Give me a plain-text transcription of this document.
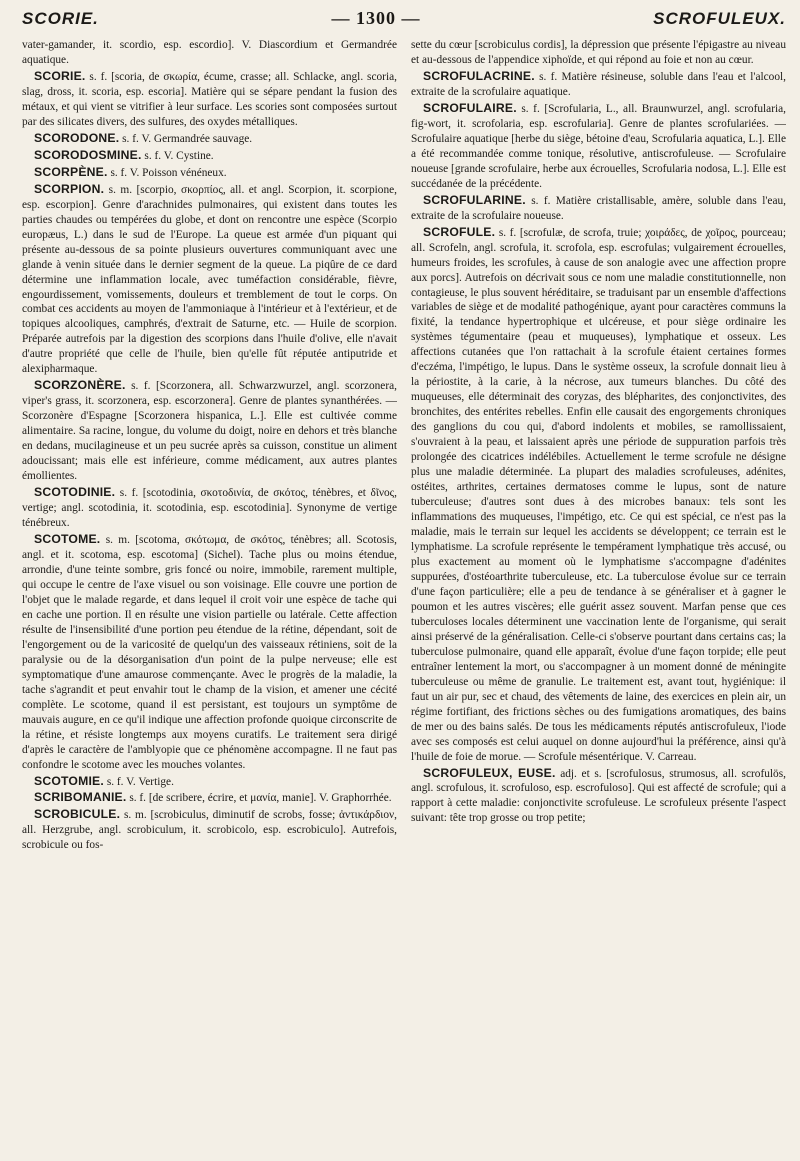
SCORIE.	— 1300 —	SCROFULEUX.

vater-gamander, it. scordio, esp. escordio]. V. Diascordium et Germandrée aquatique.

SCORIE. s. f. [scoria, de σκωρία, écume, crasse; all. Schlacke, angl. scoria, slag, dross, it. scoria, esp. escoria]. Matière qui se sépare pendant la fusion des métaux, et qui vient se vitrifier à leur surface. Les scories sont composées surtout par des silicates divers, des sulfures, des oxydes métalliques.

SCORODONE. s. f. V. Germandrée sauvage.

SCORODOSMINE. s. f. V. Cystine.

SCORPÈNE. s. f. V. Poisson vénéneux.

SCORPION. s. m. [scorpio, σκορπίος, all. et angl. Scorpion, it. scorpione, esp. escorpion]. Genre d'arachnides pulmonaires, qui existent dans toutes les parties chaudes ou tempérées du globe, et dont on rencontre une espèce (Scorpio europæus, L.) dans le sud de l'Europe. La queue est armée d'un piquant qui présente au-dessous de sa pointe plusieurs ouvertures communiquant avec une glande à venin située dans le dernier segment de la queue. La piqûre de ce dard détermine une inflammation locale, avec tuméfaction considérable, fièvre, engourdissement, vomissements, douleurs et tremblement de tout le corps. On combat ces accidents au moyen de l'ammoniaque à l'intérieur et à l'extérieur, et de topiques alcooliques, camphrés, d'extrait de Saturne, etc. — Huile de scorpion. Préparée autrefois par la digestion des scorpions dans l'huile d'olive, elle n'avait d'autre propriété que celle de l'huile, bien qu'elle fût réputée antiputride et alexipharmaque.

SCORZONÈRE. s. f. [Scorzonera, all. Schwarzwurzel, angl. scorzonera, viper's grass, it. scorzonera, esp. escorzonera]. Genre de plantes synanthérées. — Scorzonère d'Espagne [Scorzonera hispanica, L.]. Elle est cultivée comme alimentaire. Sa racine, longue, du volume du doigt, noire en dehors et très blanche en dedans, mucilagineuse et un peu sucrée après sa cuisson, constitue un aliment adoucissant; mais elle est inférieure, comme médicament, aux autres plantes émollientes.

SCOTODINIE. s. f. [scotodinia, σκοτοδινία, de σκότος, ténèbres, et δῖνος, vertige; angl. scotodinia, it. scotodinia, esp. escotodinia]. Synonyme de vertige ténébreux.

SCOTOME. s. m. [scotoma, σκότωμα, de σκότος, ténèbres; all. Scotosis, angl. et it. scotoma, esp. escotoma] (Sichel). Tache plus ou moins étendue, arrondie, d'une teinte sombre, gris foncé ou noire, immobile, rarement multiple, qui occupe le centre de l'axe visuel ou son voisinage. Elle couvre une portion de l'objet que le malade regarde, et dans lequel il croit voir une espèce de tache qui en cache une portion. Il en résulte une vision partielle ou latérale. Cette affection résulte de l'insensibilité d'une portion peu étendue de la rétine, dépendant, soit de l'engorgement ou de la varicosité de quelqu'un des vaisseaux rétiniens, soit de la paralysie ou de la désorganisation d'un point de la pulpe nerveuse; elle est symptomatique d'une amaurose commençante. Avec le progrès de la maladie, la tache s'agrandit et peut envahir tout le champ de la vision, et amener une cécité complète. Le scotome, quand il est persistant, est toujours un symptôme de mauvais augure, en ce qu'il indique une affection profonde quoique circonscrite de la rétine, et résiste longtemps aux moyens curatifs. Le traitement sera dirigé d'après le caractère de l'amblyopie que ce phénomène accompagne. Il ne faut pas confondre le scotome avec les mouches volantes.

SCOTOMIE. s. f. V. Vertige.

SCRIBOMANIE. s. f. [de scribere, écrire, et μανία, manie]. V. Graphorrhée.

SCROBICULE. s. m. [scrobiculus, diminutif de scrobs, fosse; ἀντικάρδιον, all. Herzgrube, angl. scrobiculum, it. scrobicolo, esp. escrobiculo]. Autrefois, scrobicule ou fos-

sette du cœur [scrobiculus cordis], la dépression que présente l'épigastre au niveau et au-dessous de l'appendice xiphoïde, et qui répond au foie et non au cœur.

SCROFULACRINE. s. f. Matière résineuse, soluble dans l'eau et l'alcool, extraite de la scrofulaire aquatique.

SCROFULAIRE. s. f. [Scrofularia, L., all. Braunwurzel, angl. scrofularia, fig-wort, it. scrofolaria, esp. escrofularia]. Genre de plantes scrofulariées. — Scrofulaire aquatique [herbe du siège, bétoine d'eau, Scrofularia aquatica, L.]. Elle a été recommandée comme tonique, résolutive, antiscrofuleuse. — Scrofulaire noueuse [grande scrofulaire, herbe aux écrouelles, Scrofularia nodosa, L.]. Elle est succédanée de la précédente.

SCROFULARINE. s. f. Matière cristallisable, amère, soluble dans l'eau, extraite de la scrofulaire noueuse.

SCROFULE. s. f. [scrofulæ, de scrofa, truie; χοιράδες, de χοῖρος, pourceau; all. Scrofeln, angl. scrofula, it. scrofola, esp. escrofulas; vulgairement écrouelles, humeurs froides, les scrofules, à cause de son analogie avec une affection propre aux porcs]. Autrefois on décrivait sous ce nom une maladie constitutionnelle, non contagieuse, le plus souvent héréditaire, se traduisant par un ensemble d'affections variables de siège et de modalité pathogénique, ayant pour caractères communs la fixité, la tendance hypertrophique et ulcéreuse, et pour siège ordinaire les systèmes tégumentaire (peau et muqueuses), lymphatique et osseux. Les affections cutanées que l'on rattachait à la scrofule étaient certaines formes d'eczéma, l'impétigo, le lupus. Dans le système osseux, la scrofule donnait lieu à la périostite, à la carie, à la nécrose, aux tumeurs blanches. Du côté des muqueuses, elle déterminait des coryzas, des blépharites, des conjonctivites, des bronchites, des entérites rebelles. Enfin elle causait des engorgements chroniques des ganglions du cou qui, d'abord indolents et mobiles, se ramollissaient, s'ouvraient à la peau, et laissaient après une période de suppuration parfois très prolongée des cicatrices indélébiles. Actuellement le terme scrofule ne désigne plus une maladie déterminée. La plupart des maladies scrofuleuses, adénites, ostéites, arthrites, certaines dermatoses comme le lupus, sont de nature tuberculeuse; d'autres sont dues à des microbes banaux: tels sont les inflammations des muqueuses, l'impétigo, etc. Ce qui est spécial, ce n'est pas la maladie, mais le terrain sur lequel les accidents se développent; ce terrain est le lymphatisme. La scrofule représente le tempérament lymphatique très accusé, ou plus exactement au moment où le lymphatisme s'accompagne d'adénites suppurées, d'ostéoarthrite tuberculeuse, etc. La tuberculose évolue sur ce terrain d'une façon particulière; elle a peu de tendance à se généraliser et à gagner le poumon et les autres viscères; elle guérit assez souvent. Marfan pense que ces tuberculoses locales déterminent une vaccination lente de l'organisme, qui serait ainsi préservé de la généralisation. Celle-ci s'observe pourtant dans certains cas; la tuberculose pulmonaire, quand elle apparaît, évolue d'une façon torpide; elle peut entraîner lentement la mort, ou s'accompagner à un moment donné de méningite tuberculeuse ou même de granulie. Le traitement est, avant tout, hygiénique: il faut un air pur, sec et chaud, des vêtements de laine, des exercices en plein air, un régime fortifiant, des frictions sèches ou des fumigations aromatiques, des bains de mer ou des bains salés. De tous les médicaments réputés antiscrofuleux, l'iode avec ses composés est celui auquel on donne aujourd'hui la préférence, ainsi qu'à l'huile de foie de morue. — Scrofule mésentérique. V. Carreau.

SCROFULEUX, EUSE. adj. et s. [scrofulosus, strumosus, all. scrofulös, angl. scrofulous, it. scrofuloso, esp. escrofuloso]. Qui est affecté de scrofule; qui a rapport à cette maladie: conjonctivite scrofuleuse. Le scrofuleux présente l'aspect suivant: tête trop grosse ou trop petite;
